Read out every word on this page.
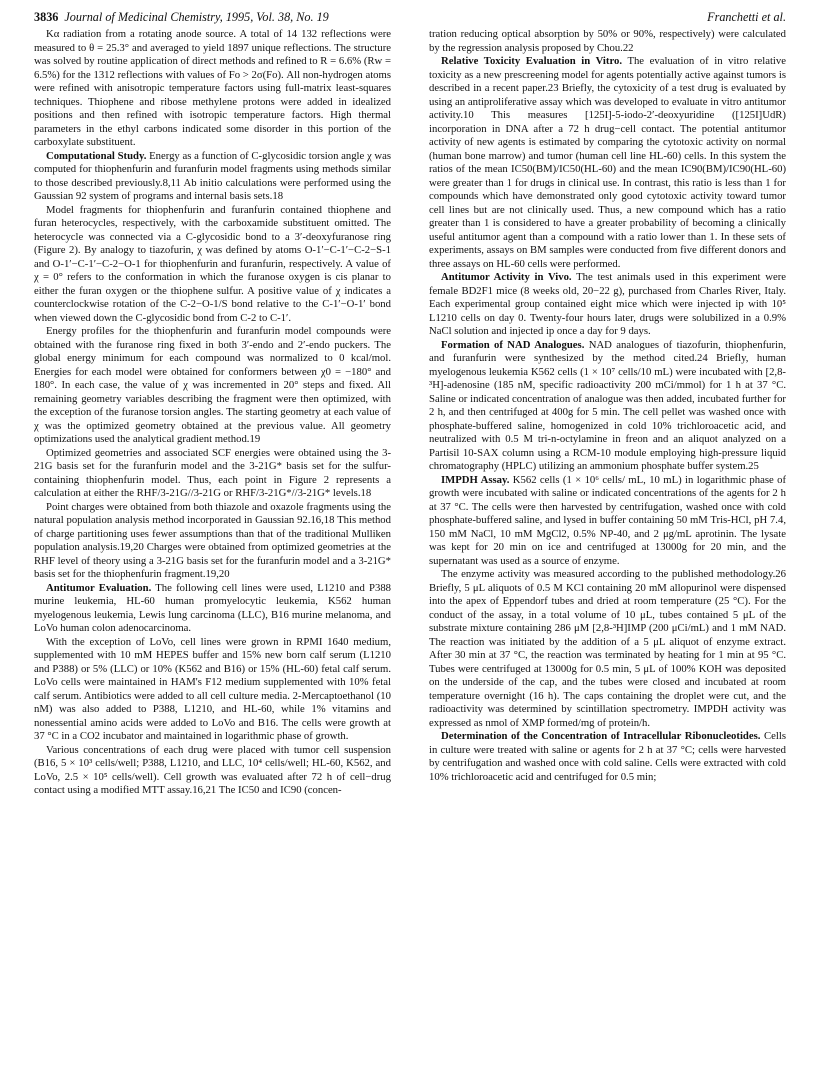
3836 Journal of Medicinal Chemistry, 1995, Vol. 38, No. 19	Franchetti et al.

Kα radiation from a rotating anode source. A total of 14 132 reflections were measured to θ = 25.3° and averaged to yield 1897 unique reflections. The structure was solved by routine application of direct methods and refined to R = 6.6% (Rw = 6.5%) for the 1312 reflections with values of Fo > 2σ(Fo). All non-hydrogen atoms were refined with anisotropic temperature factors using full-matrix least-squares techniques. Thiophene and ribose methylene protons were added in idealized positions and then refined with isotropic temperature factors. High thermal parameters in the ethyl carbons indicated some disorder in this portion of the carboxylate substituent.

Computational Study. Energy as a function of C-glycosidic torsion angle χ was computed for thiophenfurin and furanfurin model fragments using methods similar to those described previously.8,11 Ab initio calculations were performed using the Gaussian 92 system of programs and internal basis sets.18

Model fragments for thiophenfurin and furanfurin contained thiophene and furan heterocycles, respectively, with the carboxamide substituent omitted. The heterocycle was connected via a C-glycosidic bond to a 3′-deoxyfuranose ring (Figure 2). By analogy to tiazofurin, χ was defined by atoms O-1′−C-1′−C-2−S-1 and O-1′−C-1′−C-2−O-1 for thiophenfurin and furanfurin, respectively. A value of χ = 0° refers to the conformation in which the furanose oxygen is cis planar to either the furan oxygen or the thiophene sulfur. A positive value of χ indicates a counterclockwise rotation of the C-2−O-1/S bond relative to the C-1′−O-1′ bond when viewed down the C-glycosidic bond from C-2 to C-1′.

Energy profiles for the thiophenfurin and furanfurin model compounds were obtained with the furanose ring fixed in both 3′-endo and 2′-endo puckers. The global energy minimum for each compound was normalized to 0 kcal/mol. Energies for each model were obtained for conformers between χ0 = −180° and 180°. In each case, the value of χ was incremented in 20° steps and fixed. All remaining geometry variables describing the fragment were then optimized, with the exception of the furanose torsion angles. The starting geometry at each value of χ was the optimized geometry obtained at the previous value. All geometry optimizations used the analytical gradient method.19

Optimized geometries and associated SCF energies were obtained using the 3-21G basis set for the furanfurin model and the 3-21G* basis set for the sulfur-containing thiophenfurin model. Thus, each point in Figure 2 represents a calculation at either the RHF/3-21G//3-21G or RHF/3-21G*//3-21G* levels.18

Point charges were obtained from both thiazole and oxazole fragments using the natural population analysis method incorporated in Gaussian 92.16,18 This method of charge partitioning uses fewer assumptions than that of the traditional Mulliken population analysis.19,20 Charges were obtained from optimized geometries at the RHF level of theory using a 3-21G basis set for the furanfurin model and a 3-21G* basis set for the thiophenfurin fragment.19,20

Antitumor Evaluation. The following cell lines were used, L1210 and P388 murine leukemia, HL-60 human promyelocytic leukemia, K562 human myelogenous leukemia, Lewis lung carcinoma (LLC), B16 murine melanoma, and LoVo human colon adenocarcinoma.

With the exception of LoVo, cell lines were grown in RPMI 1640 medium, supplemented with 10 mM HEPES buffer and 15% new born calf serum (L1210 and P388) or 5% (LLC) or 10% (K562 and B16) or 15% (HL-60) fetal calf serum. LoVo cells were maintained in HAM's F12 medium supplemented with 10% fetal calf serum. Antibiotics were added to all cell culture media. 2-Mercaptoethanol (10 nM) was also added to P388, L1210, and HL-60, while 1% vitamins and nonessential amino acids were added to LoVo and B16. The cells were growth at 37 °C in a CO2 incubator and maintained in logarithmic phase of growth.

Various concentrations of each drug were placed with tumor cell suspension (B16, 5 × 10³ cells/well; P388, L1210, and LLC, 10⁴ cells/well; HL-60, K562, and LoVo, 2.5 × 10⁵ cells/well). Cell growth was evaluated after 72 h of cell−drug contact using a modified MTT assay.16,21 The IC50 and IC90 (concen-

tration reducing optical absorption by 50% or 90%, respectively) were calculated by the regression analysis proposed by Chou.22

Relative Toxicity Evaluation in Vitro. The evaluation of in vitro relative toxicity as a new prescreening model for agents potentially active against tumors is described in a recent paper.23 Briefly, the cytoxicity of a test drug is evaluated by using an antiproliferative assay which was developed to evaluate in vitro antitumor activity.10 This measures [125I]-5-iodo-2′-deoxyuridine ([125I]UdR) incorporation in DNA after a 72 h drug−cell contact. The potential antitumor activity of new agents is estimated by comparing the cytotoxic activity on normal (human bone marrow) and tumor (human cell line HL-60) cells. In this system the ratios of the mean IC50(BM)/IC50(HL-60) and the mean IC90(BM)/IC90(HL-60) were greater than 1 for drugs in clinical use. In contrast, this ratio is less than 1 for compounds which have demonstrated only good cytotoxic activity toward tumor cell lines but are not clinically used. Thus, a new compound which has a ratio greater than 1 is considered to have a greater probability of becoming a clinically useful antitumor agent than a compound with a ratio lower than 1. In these sets of experiments, assays on BM samples were conducted from five different donors and three assays on HL-60 cells were performed.

Antitumor Activity in Vivo. The test animals used in this experiment were female BD2F1 mice (8 weeks old, 20−22 g), purchased from Charles River, Italy. Each experimental group contained eight mice which were injected ip with 10⁵ L1210 cells on day 0. Twenty-four hours later, drugs were solubilized in a 0.9% NaCl solution and injected ip once a day for 9 days.

Formation of NAD Analogues. NAD analogues of tiazofurin, thiophenfurin, and furanfurin were synthesized by the method cited.24 Briefly, human myelogenous leukemia K562 cells (1 × 10⁷ cells/10 mL) were incubated with [2,8-³H]-adenosine (185 nM, specific radioactivity 200 mCi/mmol) for 1 h at 37 °C. Saline or indicated concentration of analogue was then added, incubated further for 2 h, and then centrifuged at 400g for 5 min. The cell pellet was washed once with phosphate-buffered saline, homogenized in cold 10% trichloroacetic acid, and neutralized with 0.5 M tri-n-octylamine in freon and an aliquot analyzed on a Partisil 10-SAX column using a RCM-10 module employing high-pressure liquid chromatography (HPLC) utilizing an ammonium phosphate buffer system.25

IMPDH Assay. K562 cells (1 × 10⁶ cells/ mL, 10 mL) in logarithmic phase of growth were incubated with saline or indicated concentrations of the agents for 2 h at 37 °C. The cells were then harvested by centrifugation, washed once with cold phosphate-buffered saline, and lysed in buffer containing 50 mM Tris-HCl, pH 7.4, 150 mM NaCl, 10 mM MgCl2, 0.5% NP-40, and 2 μg/mL aprotinin. The lysate was kept for 20 min on ice and centrifuged at 13000g for 20 min, and the supernatant was used as a source of enzyme.

The enzyme activity was measured according to the published methodology.26 Briefly, 5 μL aliquots of 0.5 M KCl containing 20 mM allopurinol were dispensed into the apex of Eppendorf tubes and dried at room temperature (25 °C). For the conduct of the assay, in a total volume of 10 μL, tubes contained 5 μL of the substrate mixture containing 286 μM [2,8-³H]IMP (200 μCi/mL) and 1 mM NAD. The reaction was initiated by the addition of a 5 μL aliquot of enzyme extract. After 30 min at 37 °C, the reaction was terminated by heating for 1 min at 95 °C. Tubes were centrifuged at 13000g for 0.5 min, 5 μL of 100% KOH was deposited on the underside of the cap, and the tubes were closed and incubated at room temperature overnight (16 h). The caps containing the droplet were cut, and the radioactivity was determined by scintillation spectrometry. IMPDH activity was expressed as nmol of XMP formed/mg of protein/h.

Determination of the Concentration of Intracellular Ribonucleotides. Cells in culture were treated with saline or agents for 2 h at 37 °C; cells were harvested by centrifugation and washed once with cold saline. Cells were extracted with cold 10% trichloroacetic acid and centrifuged for 0.5 min;
